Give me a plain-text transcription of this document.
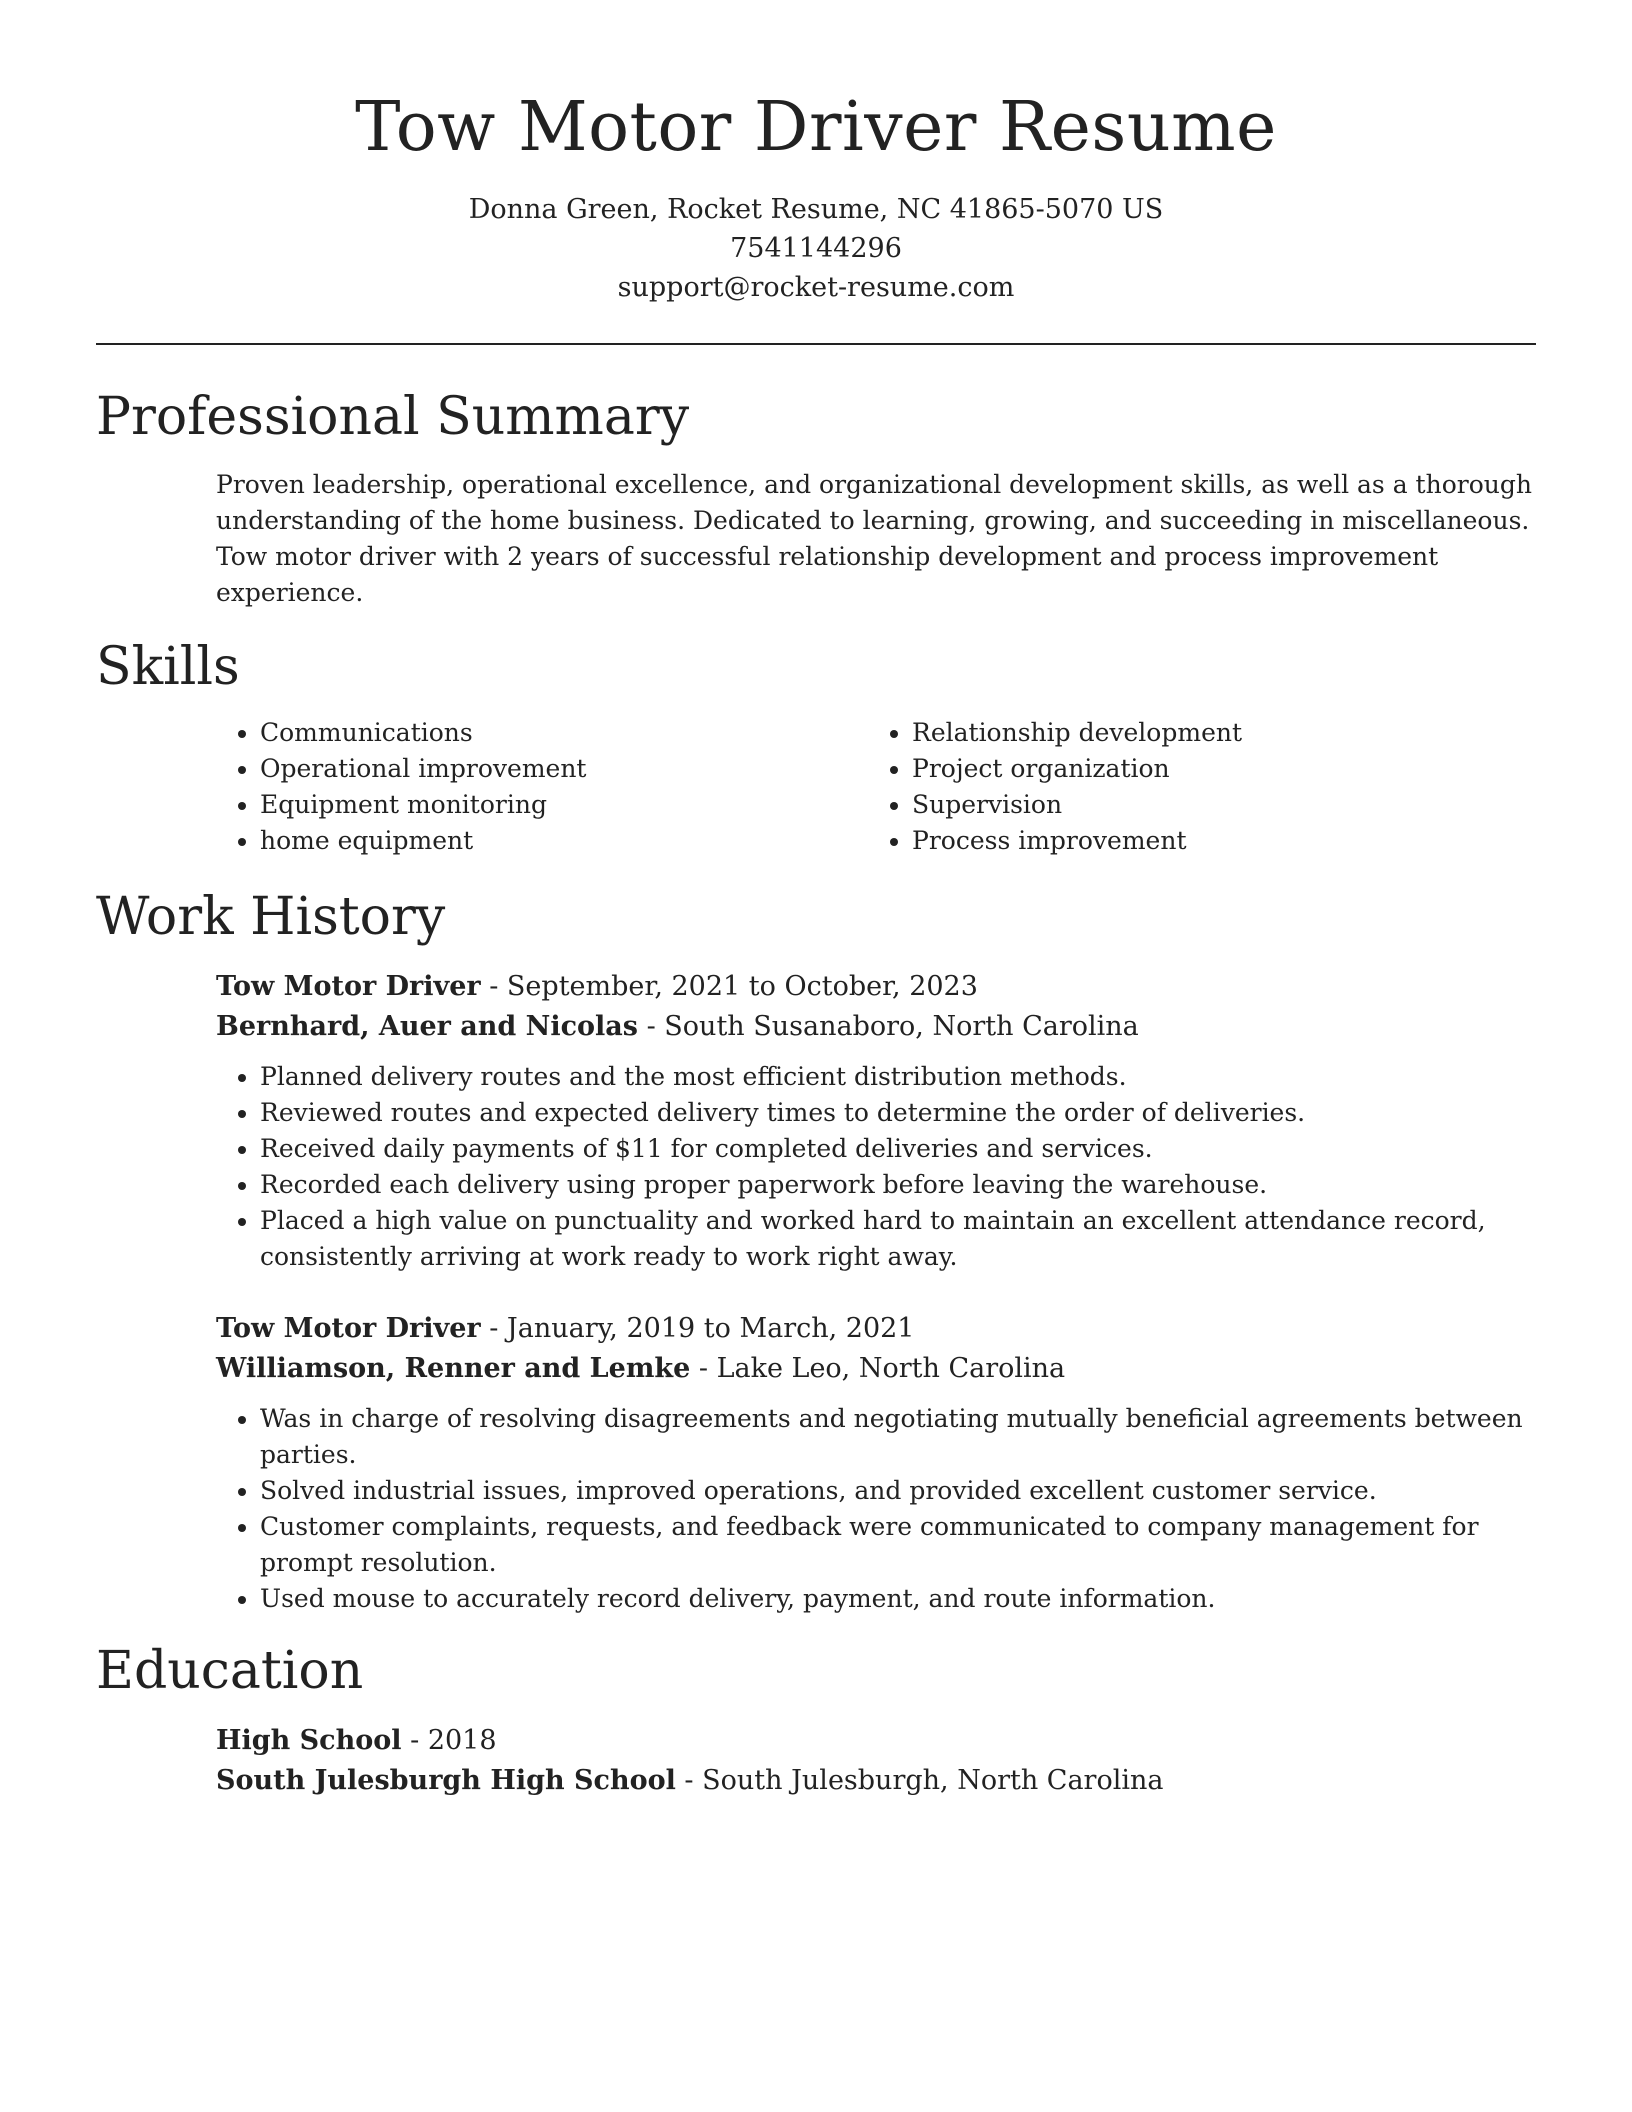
Tow Motor Driver Resume
Donna Green, Rocket Resume, NC 41865-5070 US
7541144296
support@rocket-resume.com
Professional Summary

Proven leadership, operational excellence, and organizational development skills, as well as a thorough understanding of the home business. Dedicated to learning, growing, and succeeding in miscellaneous. Tow motor driver with 2 years of successful relationship development and process improvement experience.

Skills
• Communications
• Operational improvement
• Equipment monitoring
• home equipment
• Relationship development
• Project organization
• Supervision
• Process improvement
Work History
Tow Motor Driver - September, 2021 to October, 2023
Bernhard, Auer and Nicolas - South Susanaboro, North Carolina
• Planned delivery routes and the most efficient distribution methods.
• Reviewed routes and expected delivery times to determine the order of deliveries.
• Received daily payments of $11 for completed deliveries and services.
• Recorded each delivery using proper paperwork before leaving the warehouse.
• Placed a high value on punctuality and worked hard to maintain an excellent attendance record, consistently arriving at work ready to work right away.
Tow Motor Driver - January, 2019 to March, 2021
Williamson, Renner and Lemke - Lake Leo, North Carolina
• Was in charge of resolving disagreements and negotiating mutually beneficial agreements between parties.
• Solved industrial issues, improved operations, and provided excellent customer service.
• Customer complaints, requests, and feedback were communicated to company management for prompt resolution.
• Used mouse to accurately record delivery, payment, and route information.
Education
High School - 2018
South Julesburgh High School - South Julesburgh, North Carolina
